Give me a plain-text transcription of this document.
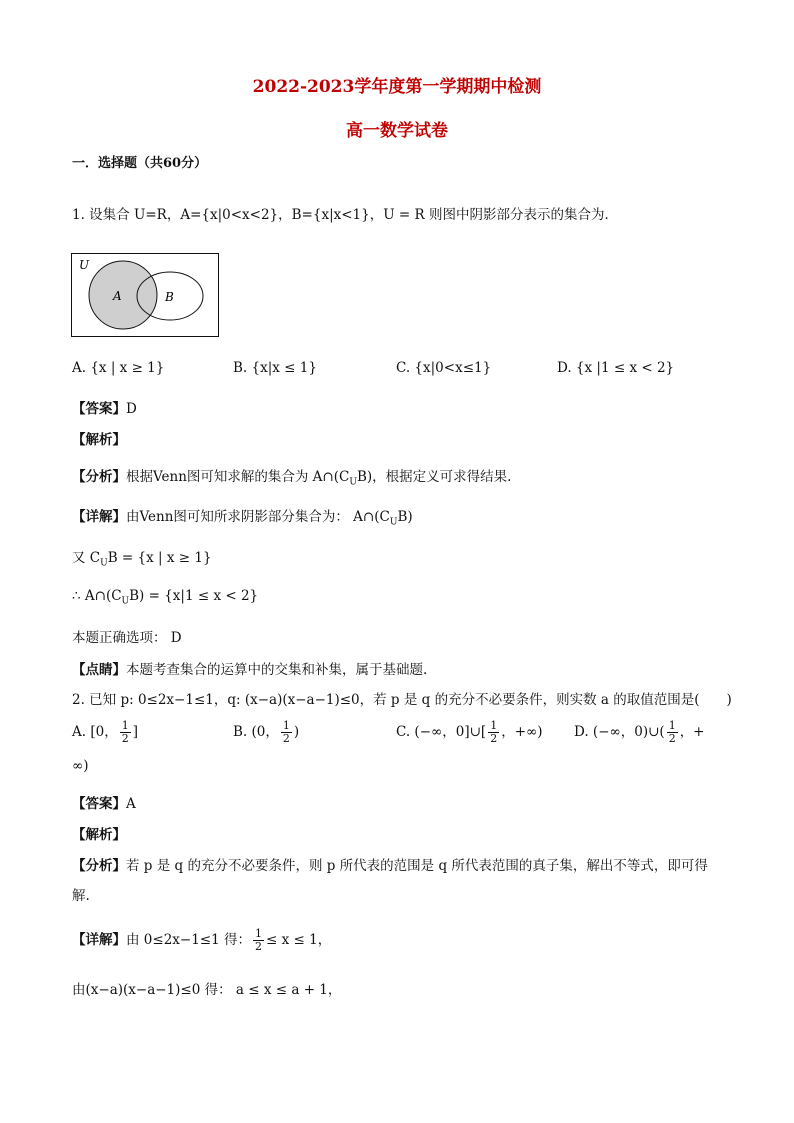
2022-2023学年度第一学期期中检测
高一数学试卷
一．选择题（共60分）
1. 设集合 U=R，A={x|0<x<2}，B={x|x<1}，U = R 则图中阴影部分表示的集合为．
U
A	B
A. {x | x ≥ 1}	B. {x|x ≤ 1}	C. {x|0<x≤1}	D. {x |1 ≤ x < 2}
【答案】D
【解析】
【分析】根据Venn图可知求解的集合为 $A\cap(C_UB)$，根据定义可求得结果.
【详解】由Venn图可知所求阴影部分集合为： $A\cap(C_UB)$
又 $C_UB = \{x$ | x ≥ 1}
∴ $A\cap(C_UB) = \{x|1 \le x < 2\}$
本题正确选项： D
【点睛】本题考查集合的运算中的交集和补集，属于基础题.
2. 已知 p: 0≤2x−1≤1，q: (x−a)(x−a−1)≤0，若 p 是 q 的充分不必要条件，则实数 a 的取值范围是(　　)
A. [0， $\frac{1}{2}$ ]	B. (0， $\frac{1}{2}$ )	C. (−∞，0]∪[ $\frac{1}{2}$ ，+∞) D. (−∞，0)∪( $\frac{1}{2}$ ，+
∞)
【答案】A
【解析】
【分析】若 p 是 q 的充分不必要条件，则 p 所代表的范围是 q 所代表范围的真子集，解出不等式，即可得
解.
【详解】由 0≤2x−1≤1 得： $\frac{1}{2} \le x \le 1$，
由(x−a)(x−a−1)≤0 得： a ≤ x ≤ a + 1，
